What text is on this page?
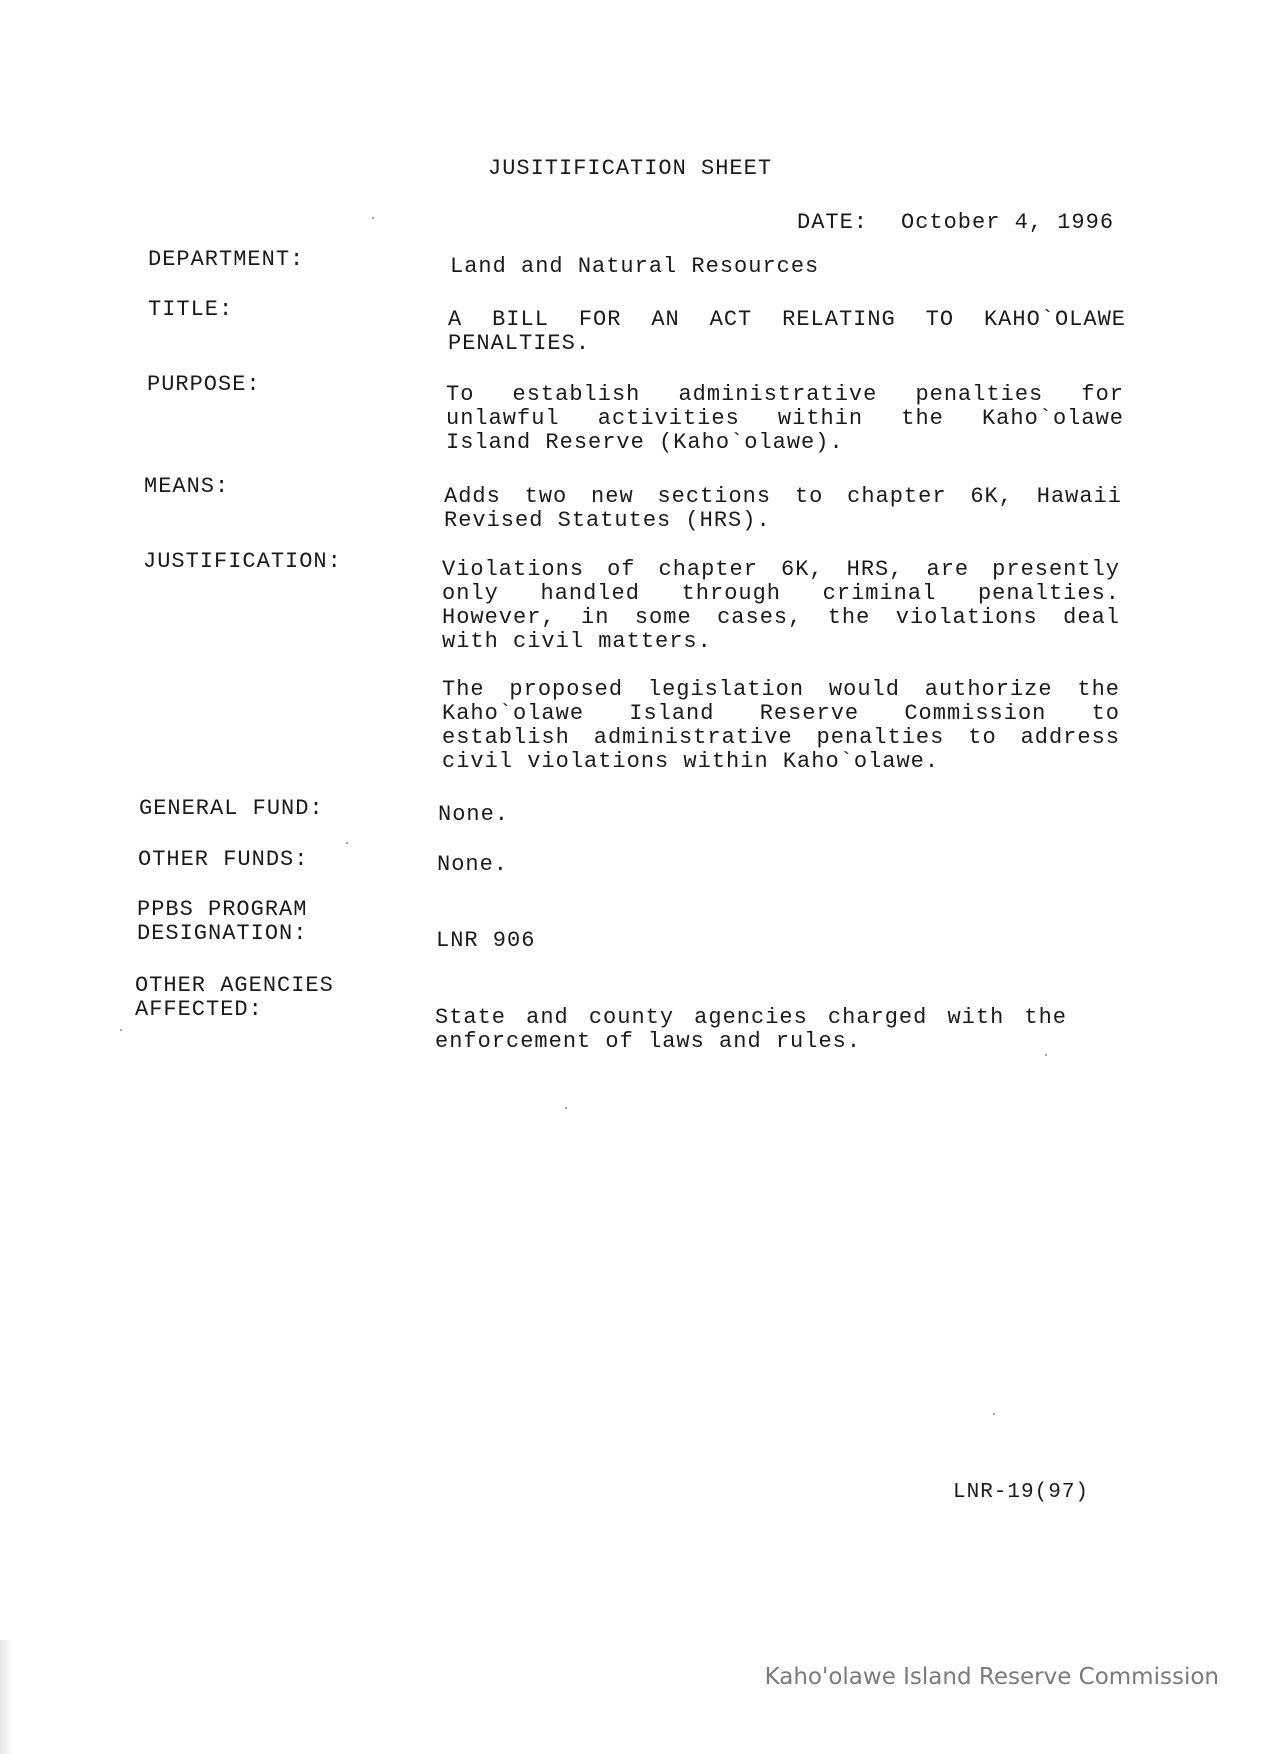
JUSITIFICATION SHEET
DATE: October 4, 1996
DEPARTMENT:	Land and Natural Resources

TITLE:	A BILL FOR AN ACT RELATING TO KAHO`OLAWE PENALTIES.

PURPOSE:	To establish administrative penalties for unlawful activities within the Kaho`olawe Island Reserve (Kaho`olawe).

MEANS:	Adds two new sections to chapter 6K, Hawaii Revised Statutes (HRS).

JUSTIFICATION:	Violations of chapter 6K, HRS, are presently only handled through criminal penalties. However, in some cases, the violations deal with civil matters.

The proposed legislation would authorize the Kaho`olawe Island Reserve Commission to establish administrative penalties to address civil violations within Kaho`olawe.

GENERAL FUND:	None.

OTHER FUNDS:	None.

PPBS PROGRAM
DESIGNATION:	LNR 906

OTHER AGENCIES
AFFECTED:	State and county agencies charged with the enforcement of laws and rules.

LNR-19(97)
Kaho'olawe Island Reserve Commission
